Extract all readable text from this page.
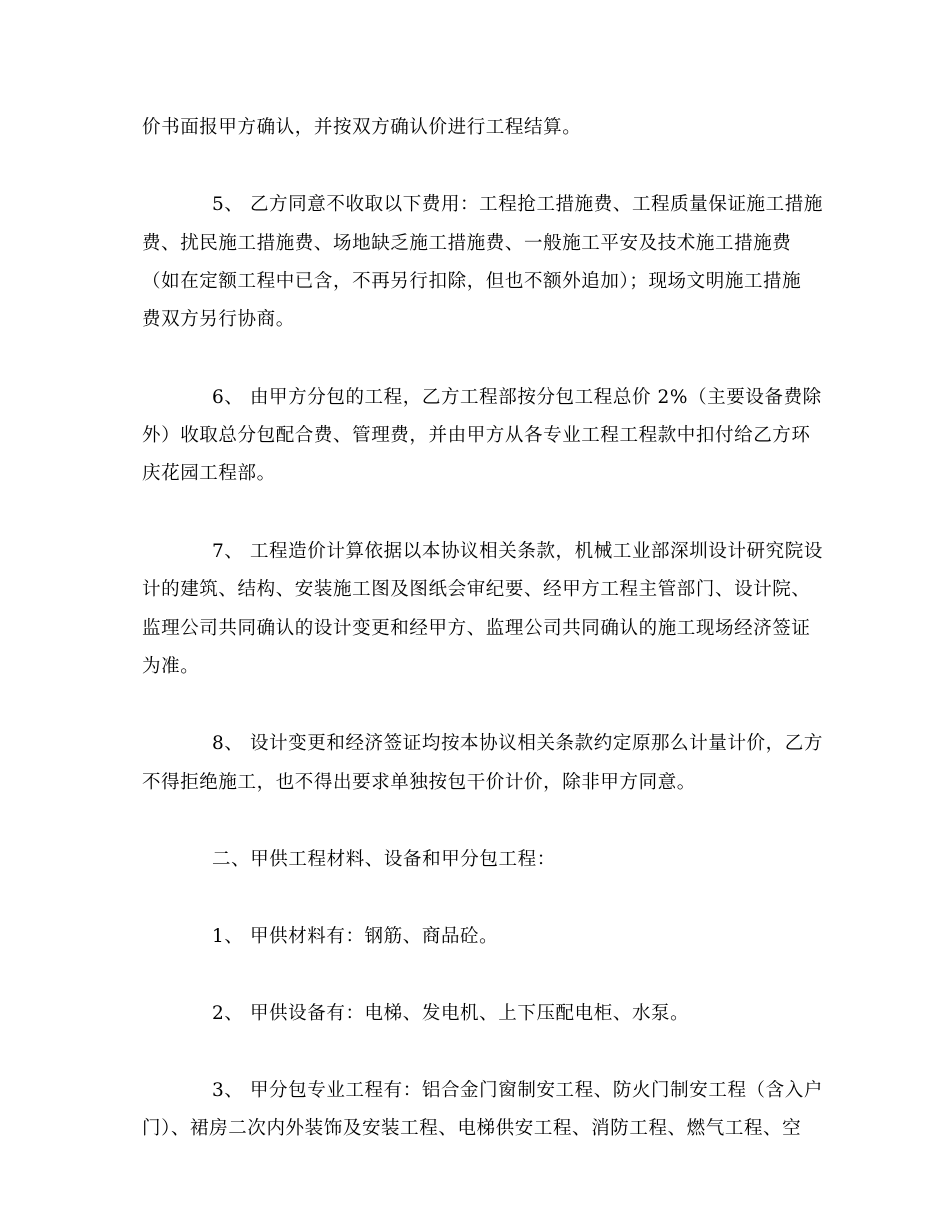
价书面报甲方确认，并按双方确认价进行工程结算。
5、 乙方同意不收取以下费用：工程抢工措施费、工程质量保证施工措施
费、扰民施工措施费、场地缺乏施工措施费、一般施工平安及技术施工措施费
（如在定额工程中已含，不再另行扣除，但也不额外追加）；现场文明施工措施
费双方另行协商。
6、 由甲方分包的工程，乙方工程部按分包工程总价 2%（主要设备费除
外）收取总分包配合费、管理费，并由甲方从各专业工程工程款中扣付给乙方环
庆花园工程部。
7、 工程造价计算依据以本协议相关条款，机械工业部深圳设计研究院设
计的建筑、结构、安装施工图及图纸会审纪要、经甲方工程主管部门、设计院、
监理公司共同确认的设计变更和经甲方、监理公司共同确认的施工现场经济签证
为准。
8、 设计变更和经济签证均按本协议相关条款约定原那么计量计价，乙方
不得拒绝施工，也不得出要求单独按包干价计价，除非甲方同意。
二、甲供工程材料、设备和甲分包工程：
1、 甲供材料有：钢筋、商品砼。
2、 甲供设备有：电梯、发电机、上下压配电柜、水泵。
3、 甲分包专业工程有：铝合金门窗制安工程、防火门制安工程（含入户
门）、裙房二次内外装饰及安装工程、电梯供安工程、消防工程、燃气工程、空
